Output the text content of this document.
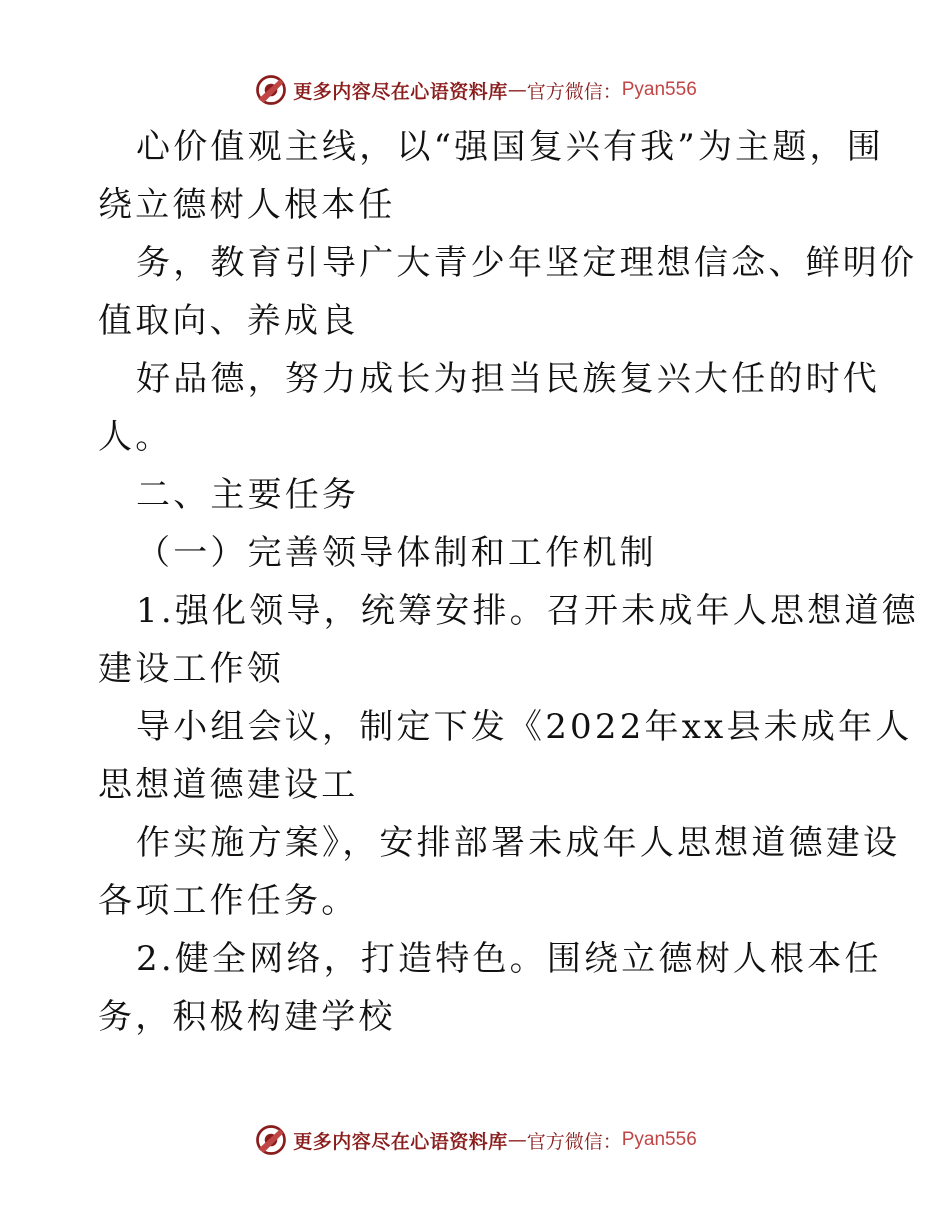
更多内容尽在心语资料库 — 官方微信： Pyan556
心价值观主线，以“强国复兴有我”为主题，围
绕立德树人根本任
务，教育引导广大青少年坚定理想信念、鲜明价
值取向、养成良
好品德，努力成长为担当民族复兴大任的时代
人。
二、主要任务
（一）完善领导体制和工作机制
1.强化领导，统筹安排。召开未成年人思想道德
建设工作领
导小组会议，制定下发《2022年xx县未成年人
思想道德建设工
作实施方案》，安排部署未成年人思想道德建设
各项工作任务。
2.健全网络，打造特色。围绕立德树人根本任
务，积极构建学校
更多内容尽在心语资料库 — 官方微信： Pyan556
